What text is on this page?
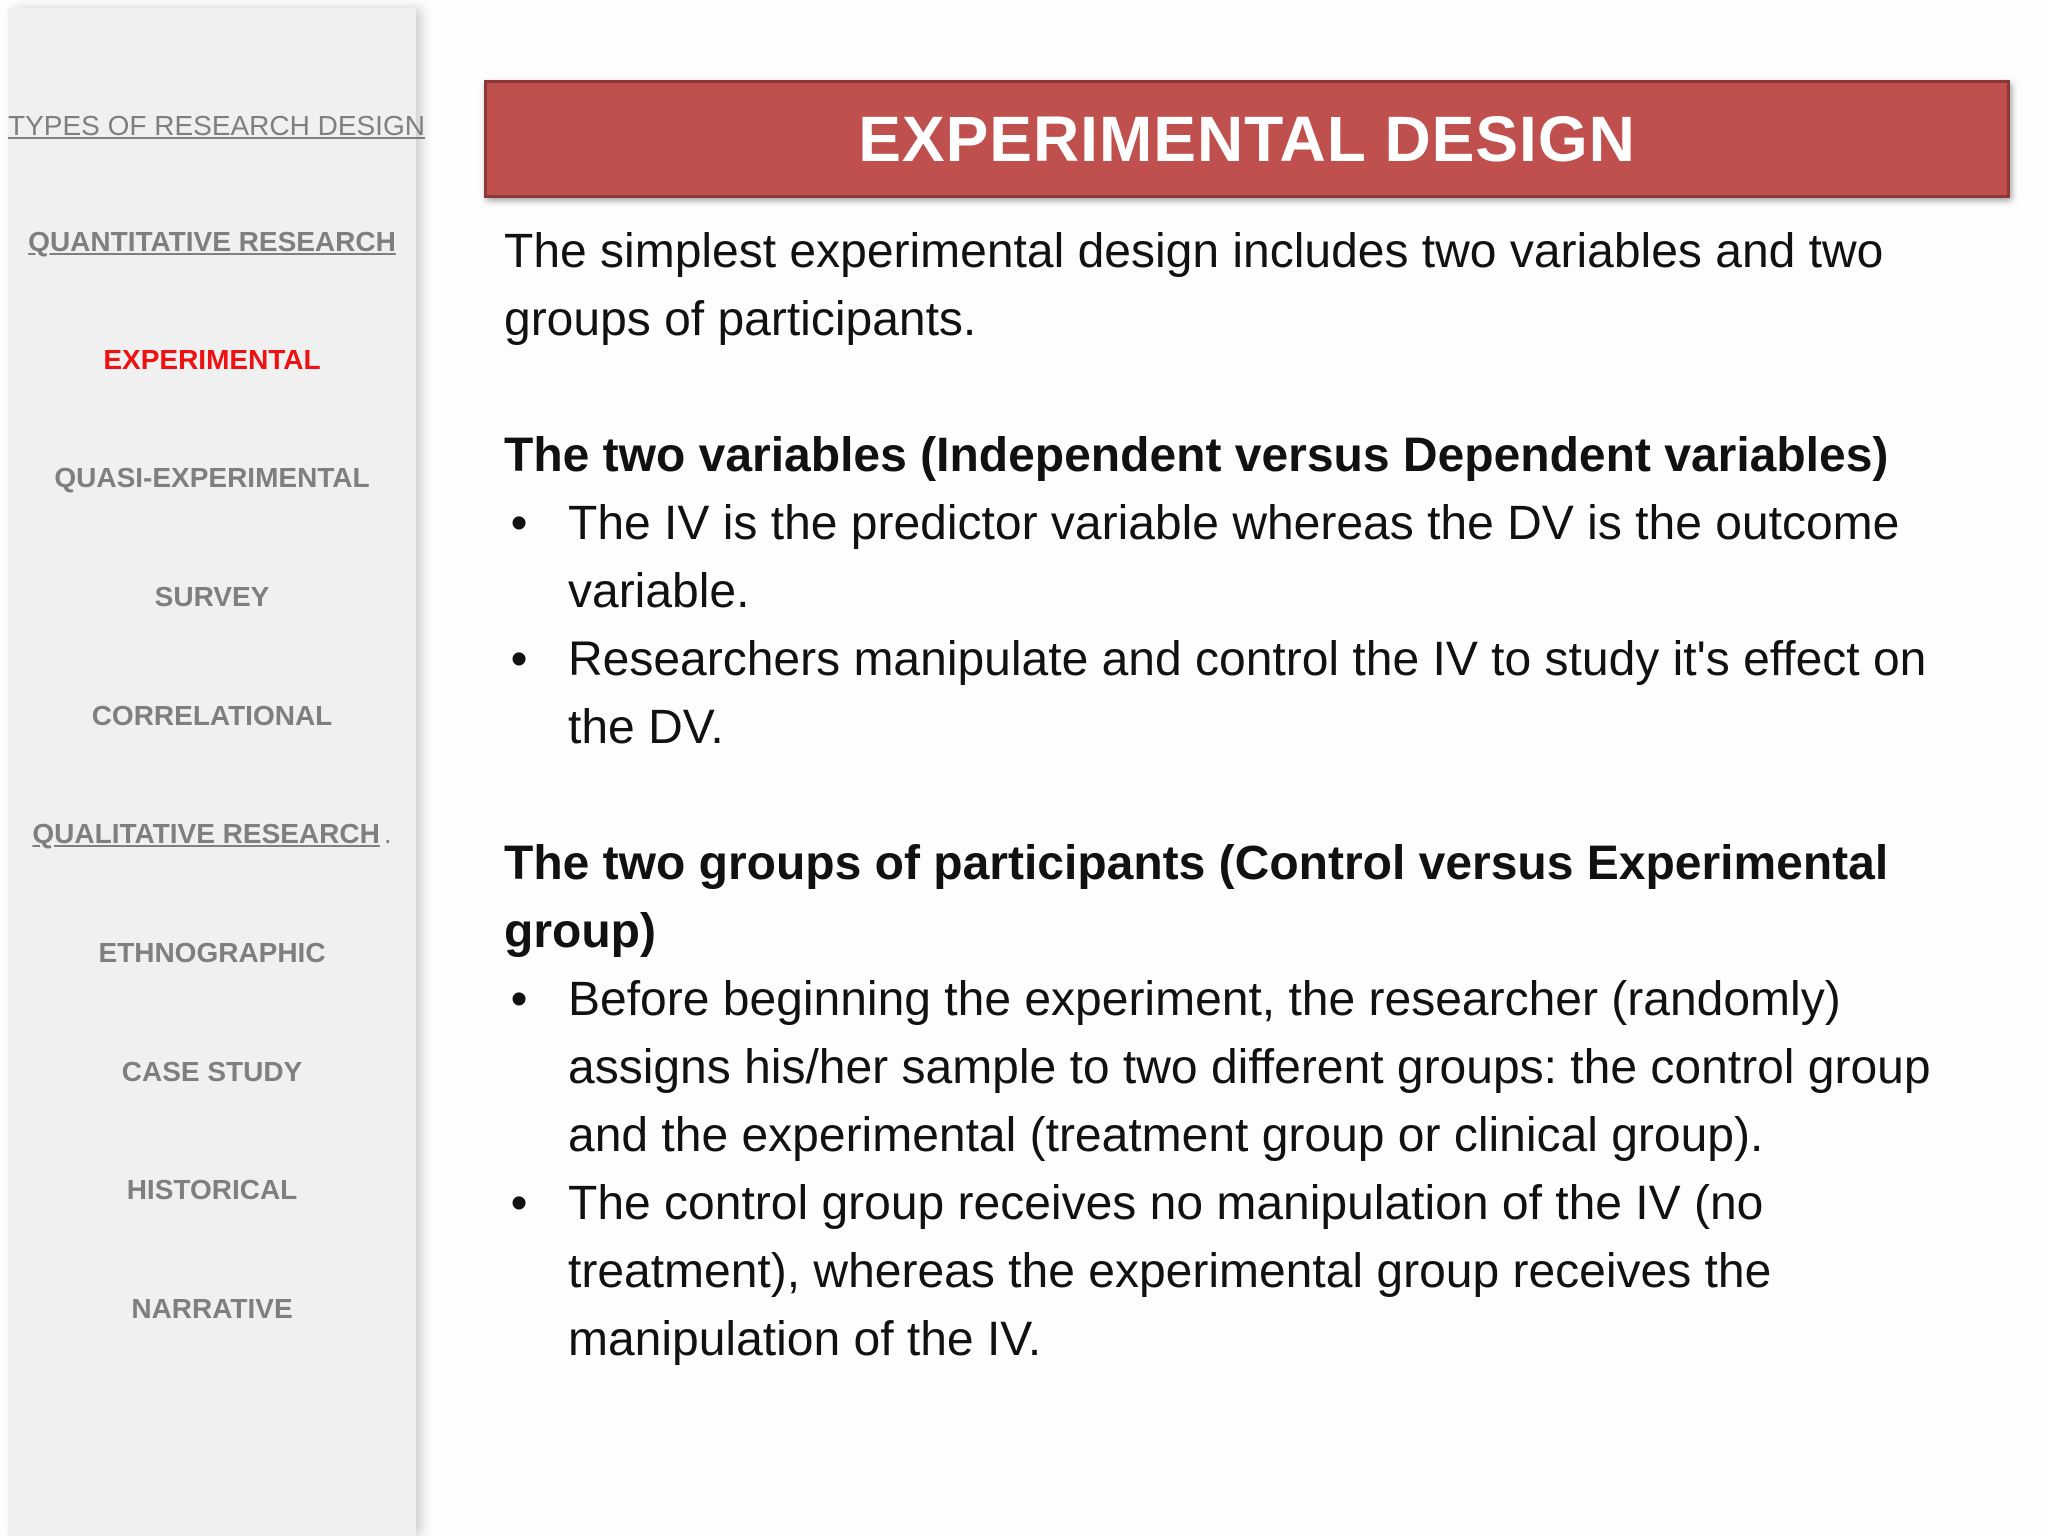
TYPES OF RESEARCH DESIGN
QUANTITATIVE RESEARCH
EXPERIMENTAL
QUASI-EXPERIMENTAL
SURVEY
CORRELATIONAL
QUALITATIVE RESEARCH .
ETHNOGRAPHIC
CASE STUDY
HISTORICAL
NARRATIVE
EXPERIMENTAL DESIGN

The simplest experimental design includes two variables and two groups of participants.

The two variables (Independent versus Dependent variables)

• The IV is the predictor variable whereas the DV is the outcome variable.
• Researchers manipulate and control the IV to study it's effect on the DV.

The two groups of participants (Control versus Experimental group)

• Before beginning the experiment, the researcher (randomly) assigns his/her sample to two different groups: the control group and the experimental (treatment group or clinical group).
• The control group receives no manipulation of the IV (no treatment), whereas the experimental group receives the manipulation of the IV.
